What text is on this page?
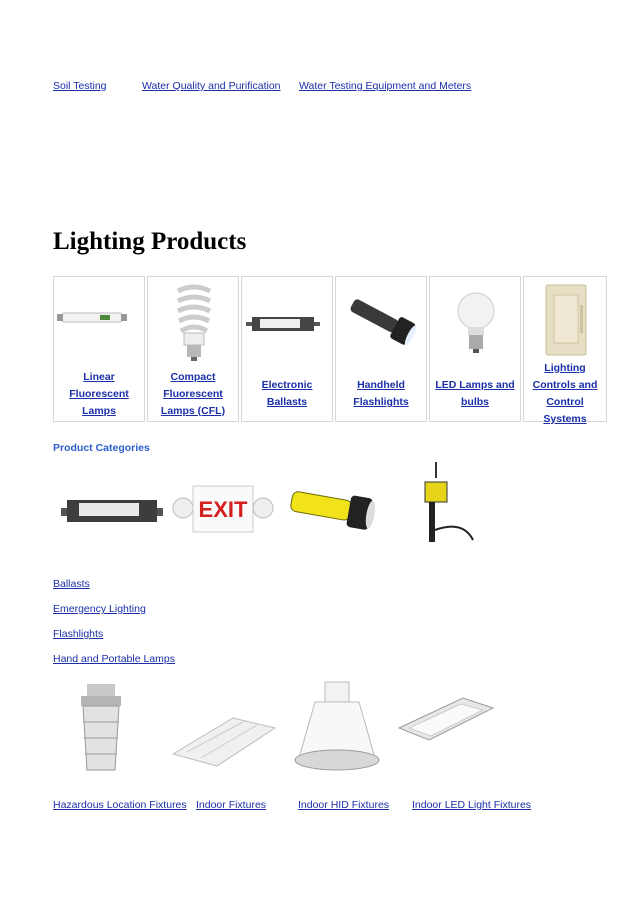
Soil Testing	Water Quality and Purification Water Testing Equipment and Meters
Lighting Products
Linear Fluorescent Lamps
Compact Fluorescent Lamps (CFL)
Electronic Ballasts
Handheld Flashlights
LED Lamps and bulbs
Lighting Controls and Control Systems
Product Categories
EXIT
Ballasts
Emergency Lighting
Flashlights
Hand and Portable Lamps
Hazardous Location Fixtures Indoor Fixtures	Indoor HID Fixtures Indoor LED Light Fixtures
